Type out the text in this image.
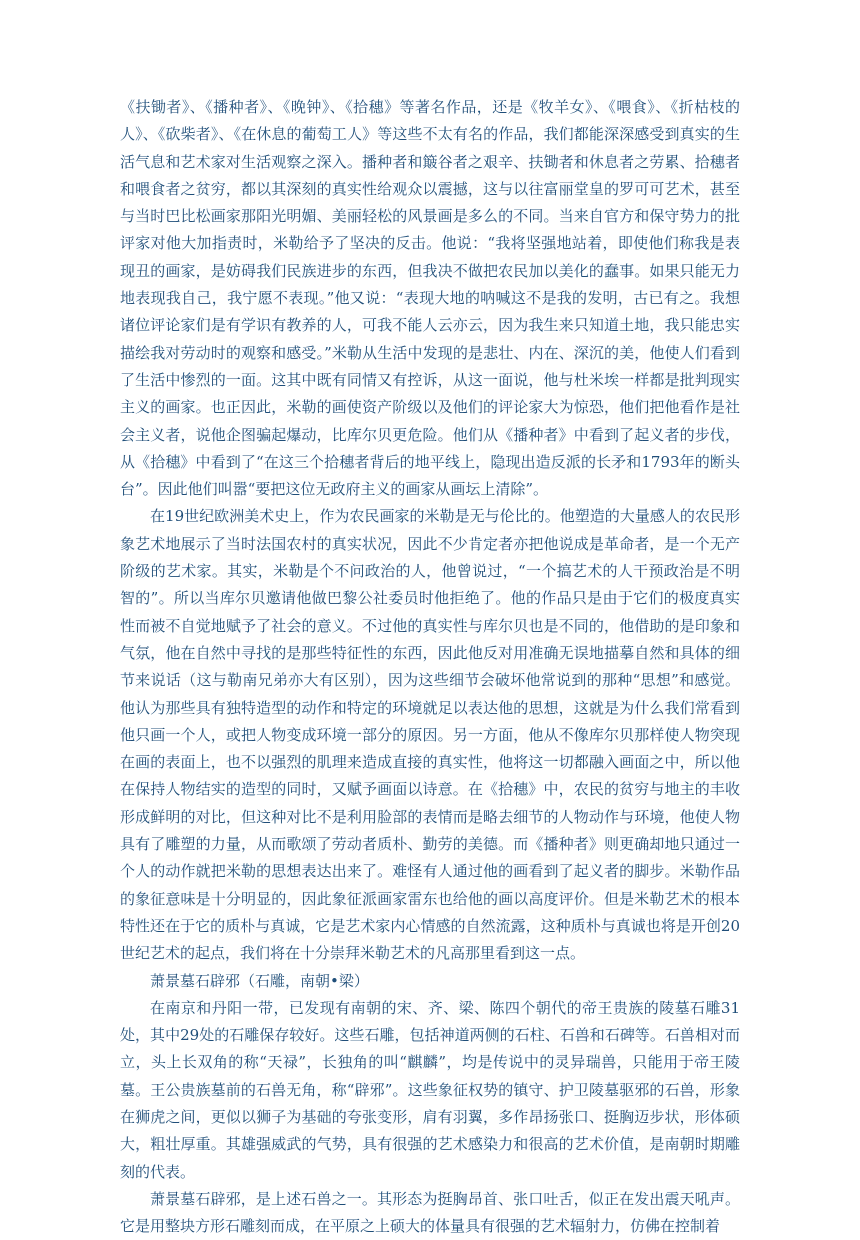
《扶锄者》、《播种者》、《晚钟》、《拾穗》等著名作品，还是《牧羊女》、《喂食》、《折枯枝的人》、《砍柴者》、《在休息的葡萄工人》等这些不太有名的作品，我们都能深深感受到真实的生活气息和艺术家对生活观察之深入。播种者和簸谷者之艰辛、扶锄者和休息者之劳累、拾穗者和喂食者之贫穷，都以其深刻的真实性给观众以震撼，这与以往富丽堂皇的罗可可艺术，甚至与当时巴比松画家那阳光明媚、美丽轻松的风景画是多么的不同。当来自官方和保守势力的批评家对他大加指责时，米勒给予了坚决的反击。他说：“我将坚强地站着，即使他们称我是表现丑的画家，是妨碍我们民族进步的东西，但我决不做把农民加以美化的蠢事。如果只能无力地表现我自己，我宁愿不表现。”他又说：“表现大地的呐喊这不是我的发明，古已有之。我想诸位评论家们是有学识有教养的人，可我不能人云亦云，因为我生来只知道土地，我只能忠实描绘我对劳动时的观察和感受。”米勒从生活中发现的是悲壮、内在、深沉的美，他使人们看到了生活中惨烈的一面。这其中既有同情又有控诉，从这一面说，他与杜米埃一样都是批判现实主义的画家。也正因此，米勒的画使资产阶级以及他们的评论家大为惊恐，他们把他看作是社会主义者，说他企图骗起爆动，比库尔贝更危险。他们从《播种者》中看到了起义者的步伐，从《拾穗》中看到了“在这三个拾穗者背后的地平线上，隐现出造反派的长矛和1793年的断头台”。因此他们叫嚣“要把这位无政府主义的画家从画坛上清除”。

在19世纪欧洲美术史上，作为农民画家的米勒是无与伦比的。他塑造的大量感人的农民形象艺术地展示了当时法国农村的真实状况，因此不少肯定者亦把他说成是革命者，是一个无产阶级的艺术家。其实，米勒是个不问政治的人，他曾说过，“一个搞艺术的人干预政治是不明智的”。所以当库尔贝邀请他做巴黎公社委员时他拒绝了。他的作品只是由于它们的极度真实性而被不自觉地赋予了社会的意义。不过他的真实性与库尔贝也是不同的，他借助的是印象和气氛，他在自然中寻找的是那些特征性的东西，因此他反对用准确无误地描摹自然和具体的细节来说话（这与勒南兄弟亦大有区别），因为这些细节会破坏他常说到的那种“思想”和感觉。他认为那些具有独特造型的动作和特定的环境就足以表达他的思想，这就是为什么我们常看到他只画一个人，或把人物变成环境一部分的原因。另一方面，他从不像库尔贝那样使人物突现在画的表面上，也不以强烈的肌理来造成直接的真实性，他将这一切都融入画面之中，所以他在保持人物结实的造型的同时，又赋予画面以诗意。在《拾穗》中，农民的贫穷与地主的丰收形成鲜明的对比，但这种对比不是利用脸部的表情而是略去细节的人物动作与环境，他使人物具有了雕塑的力量，从而歌颂了劳动者质朴、勤劳的美德。而《播种者》则更确却地只通过一个人的动作就把米勒的思想表达出来了。难怪有人通过他的画看到了起义者的脚步。米勒作品的象征意味是十分明显的，因此象征派画家雷东也给他的画以高度评价。但是米勒艺术的根本特性还在于它的质朴与真诚，它是艺术家内心情感的自然流露，这种质朴与真诚也将是开创20世纪艺术的起点，我们将在十分崇拜米勒艺术的凡高那里看到这一点。

萧景墓石辟邪（石雕，南朝•梁）

在南京和丹阳一带，已发现有南朝的宋、齐、梁、陈四个朝代的帝王贵族的陵墓石雕31处，其中29处的石雕保存较好。这些石雕，包括神道两侧的石柱、石兽和石碑等。石兽相对而立，头上长双角的称“天禄”，长独角的叫“麒麟”，均是传说中的灵异瑞兽，只能用于帝王陵墓。王公贵族墓前的石兽无角，称“辟邪”。这些象征权势的镇守、护卫陵墓驱邪的石兽，形象在狮虎之间，更似以狮子为基础的夸张变形，肩有羽翼，多作昂扬张口、挺胸迈步状，形体硕大，粗壮厚重。其雄强威武的气势，具有很强的艺术感染力和很高的艺术价值，是南朝时期雕刻的代表。

萧景墓石辟邪，是上述石兽之一。其形态为挺胸昂首、张口吐舌，似正在发出震天吼声。它是用整块方形石雕刻而成，在平原之上硕大的体量具有很强的艺术辐射力，仿佛在控制着
